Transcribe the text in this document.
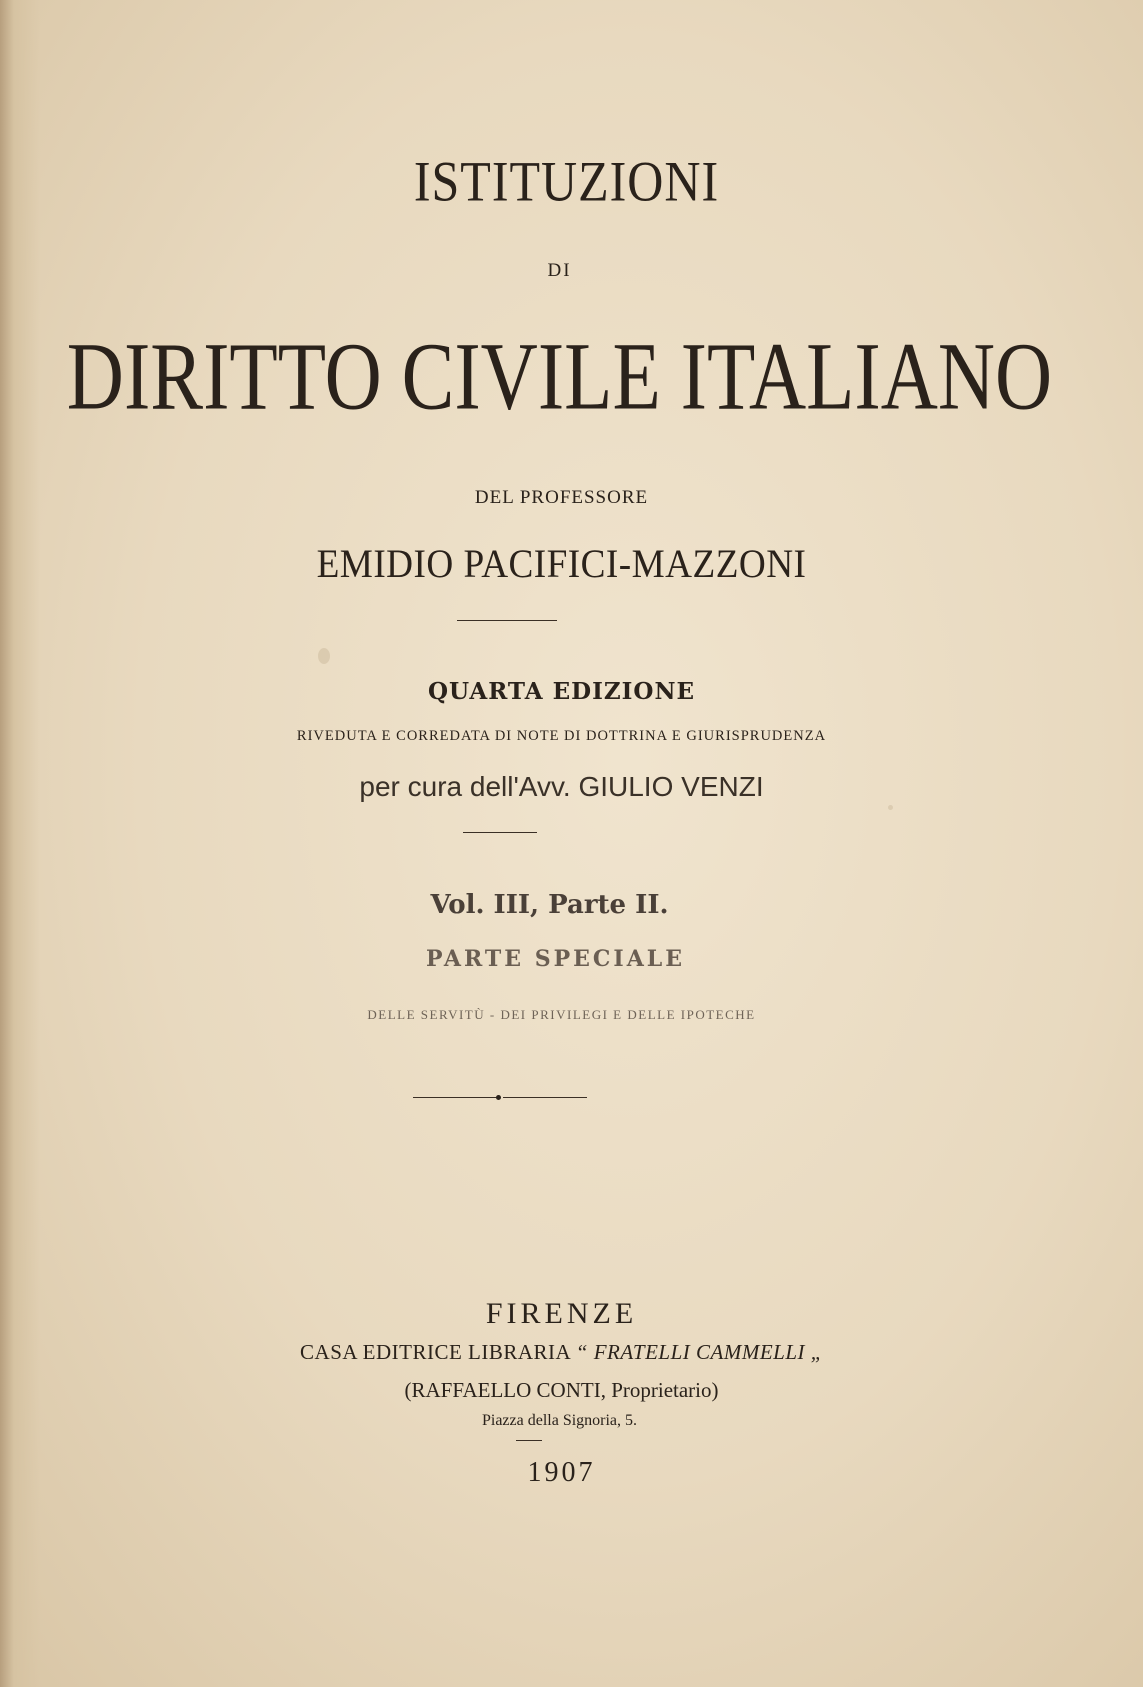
ISTITUZIONI
DI
DIRITTO CIVILE ITALIANO
DEL PROFESSORE
EMIDIO PACIFICI-MAZZONI
QUARTA EDIZIONE
RIVEDUTA E CORREDATA DI NOTE DI DOTTRINA E GIURISPRUDENZA
per cura dell'Avv. GIULIO VENZI
Vol. III, Parte II.
PARTE SPECIALE
DELLE SERVITÙ - DEI PRIVILEGI E DELLE IPOTECHE
FIRENZE
CASA EDITRICE LIBRARIA “ FRATELLI CAMMELLI „
(RAFFAELLO CONTI, Proprietario)
Piazza della Signoria, 5.
1907
